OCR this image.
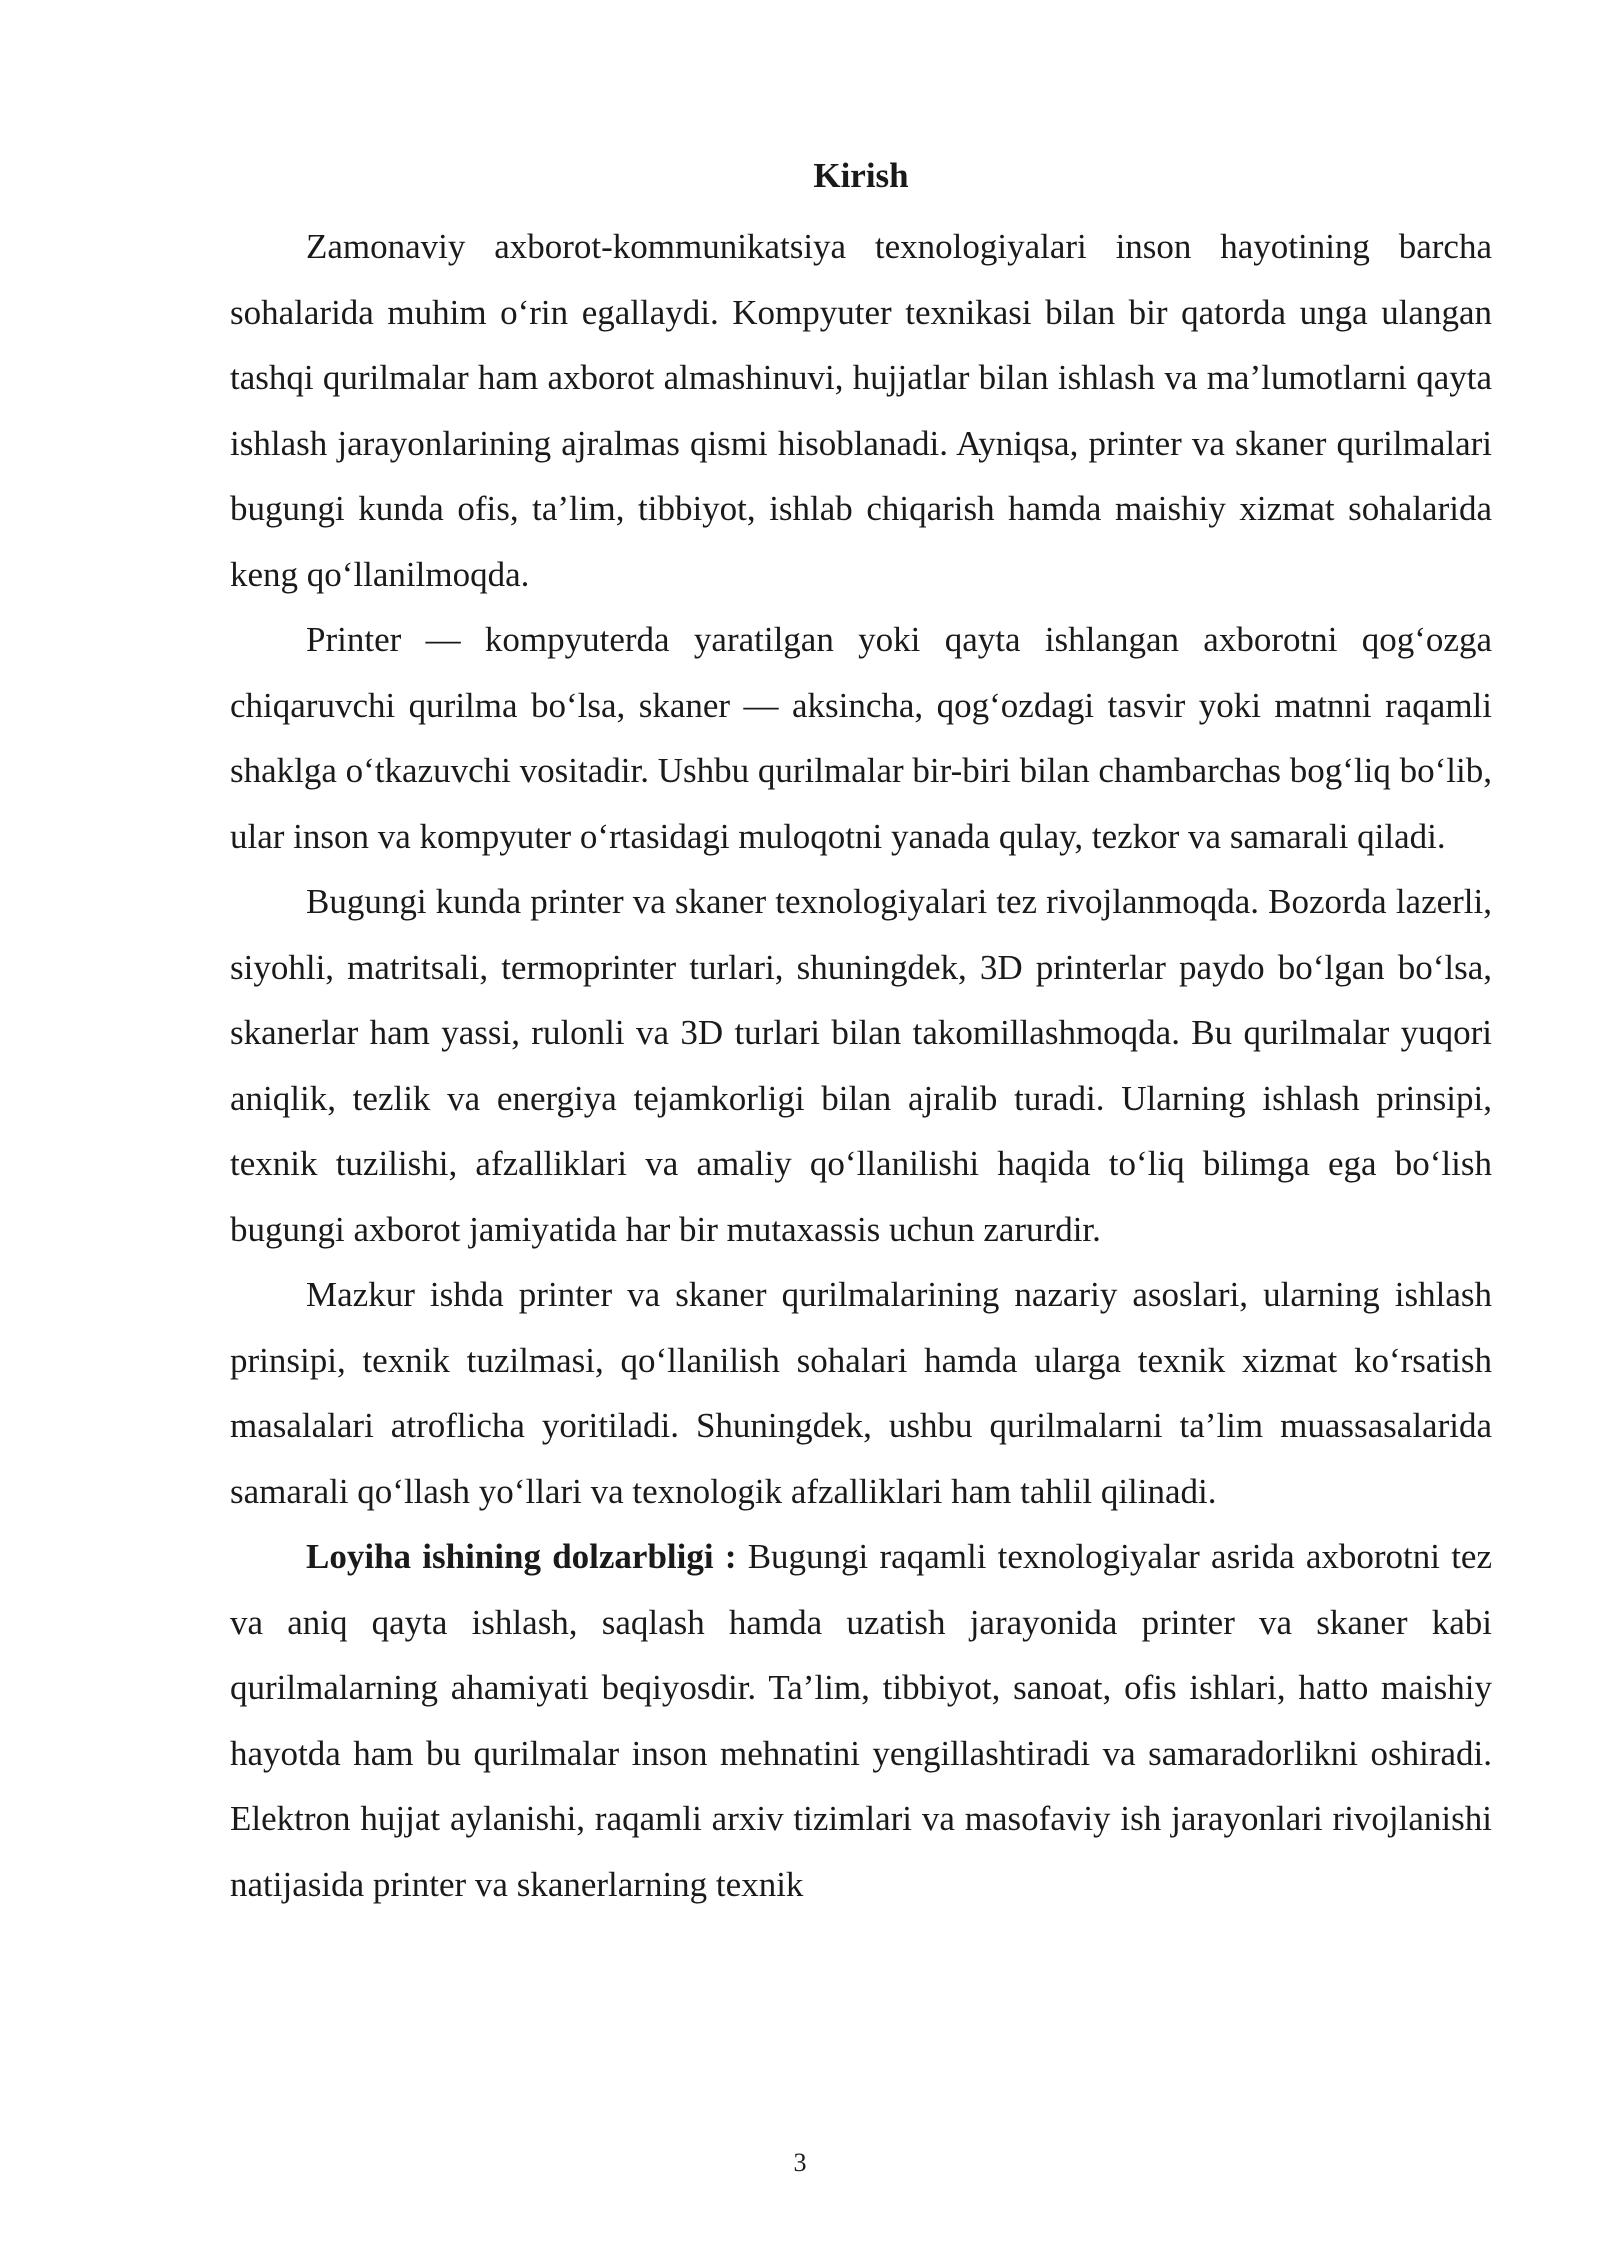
Kirish

Zamonaviy axborot-kommunikatsiya texnologiyalari inson hayotining barcha sohalarida muhim o‘rin egallaydi. Kompyuter texnikasi bilan bir qatorda unga ulangan tashqi qurilmalar ham axborot almashinuvi, hujjatlar bilan ishlash va ma’lumotlarni qayta ishlash jarayonlarining ajralmas qismi hisoblanadi. Ayniqsa, printer va skaner qurilmalari bugungi kunda ofis, ta’lim, tibbiyot, ishlab chiqarish hamda maishiy xizmat sohalarida keng qo‘llanilmoqda.

Printer — kompyuterda yaratilgan yoki qayta ishlangan axborotni qog‘ozga chiqaruvchi qurilma bo‘lsa, skaner — aksincha, qog‘ozdagi tasvir yoki matnni raqamli shaklga o‘tkazuvchi vositadir. Ushbu qurilmalar bir-biri bilan chambarchas bog‘liq bo‘lib, ular inson va kompyuter o‘rtasidagi muloqotni yanada qulay, tezkor va samarali qiladi.

Bugungi kunda printer va skaner texnologiyalari tez rivojlanmoqda. Bozorda lazerli, siyohli, matritsali, termoprinter turlari, shuningdek, 3D printerlar paydo bo‘lgan bo‘lsa, skanerlar ham yassi, rulonli va 3D turlari bilan takomillashmoqda. Bu qurilmalar yuqori aniqlik, tezlik va energiya tejamkorligi bilan ajralib turadi. Ularning ishlash prinsipi, texnik tuzilishi, afzalliklari va amaliy qo‘llanilishi haqida to‘liq bilimga ega bo‘lish bugungi axborot jamiyatida har bir mutaxassis uchun zarurdir.

Mazkur ishda printer va skaner qurilmalarining nazariy asoslari, ularning ishlash prinsipi, texnik tuzilmasi, qo‘llanilish sohalari hamda ularga texnik xizmat ko‘rsatish masalalari atroflicha yoritiladi. Shuningdek, ushbu qurilmalarni ta’lim muassasalarida samarali qo‘llash yo‘llari va texnologik afzalliklari ham tahlil qilinadi.

Loyiha ishining dolzarbligi : Bugungi raqamli texnologiyalar asrida axborotni tez va aniq qayta ishlash, saqlash hamda uzatish jarayonida printer va skaner kabi qurilmalarning ahamiyati beqiyosdir. Ta’lim, tibbiyot, sanoat, ofis ishlari, hatto maishiy hayotda ham bu qurilmalar inson mehnatini yengillashtiradi va samaradorlikni oshiradi. Elektron hujjat aylanishi, raqamli arxiv tizimlari va masofaviy ish jarayonlari rivojlanishi natijasida printer va skanerlarning texnik

3
